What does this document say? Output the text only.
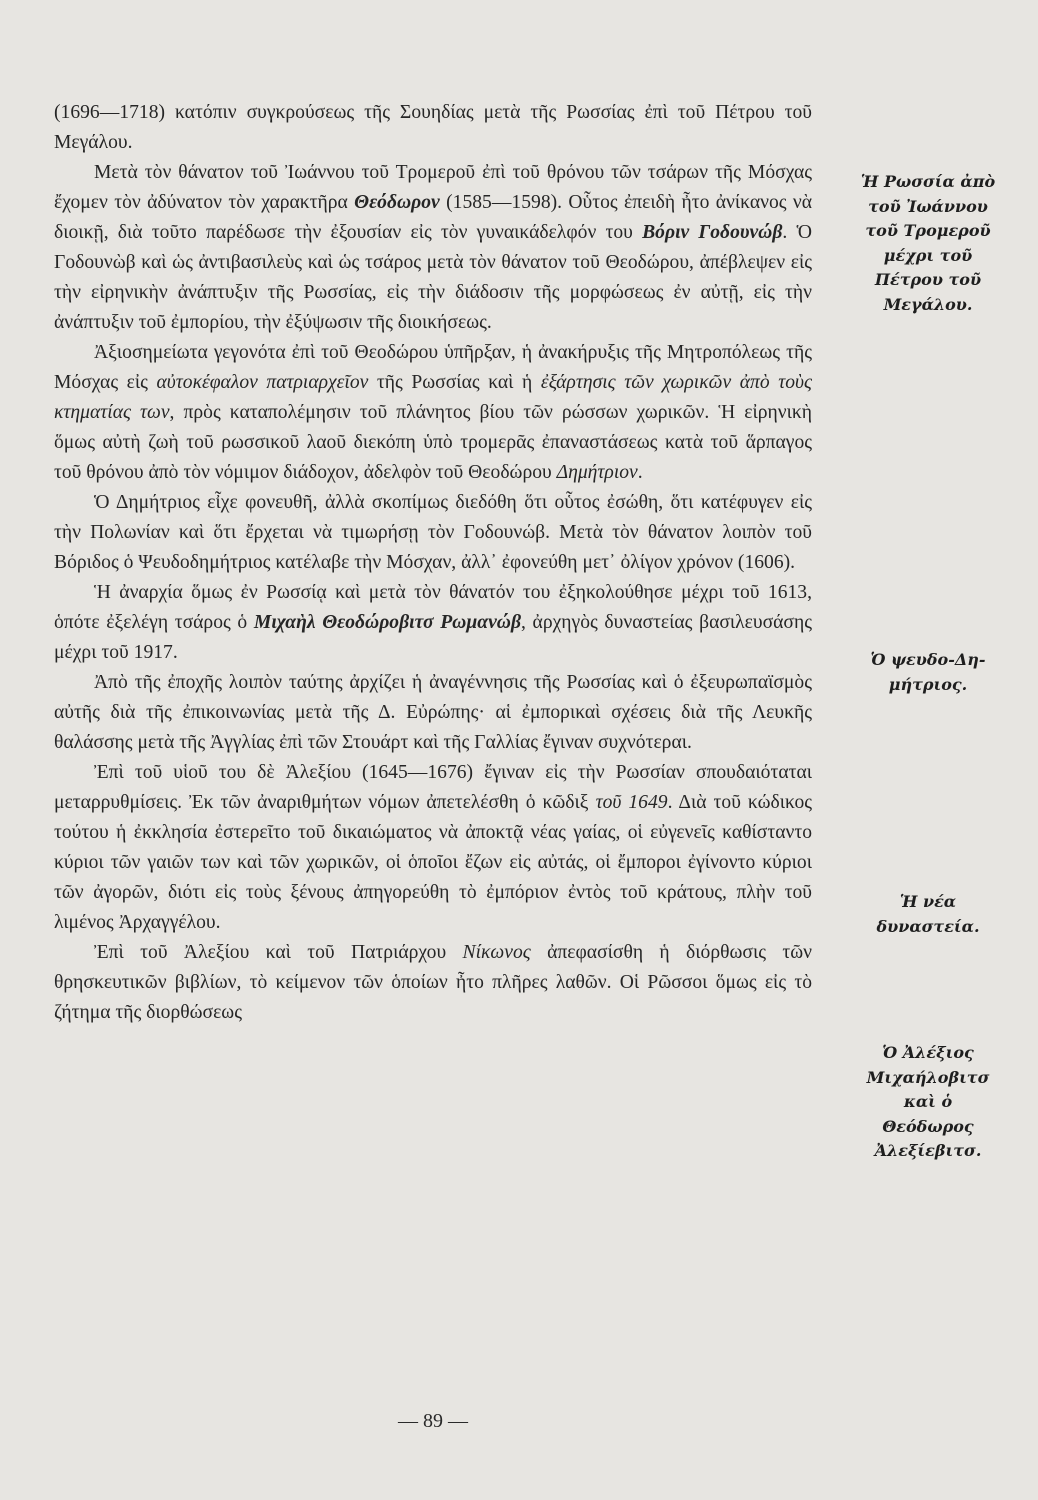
(1696—1718) κατόπιν συγκρούσεως τῆς Σουηδίας μετὰ τῆς Ρωσσίας ἐπὶ τοῦ Πέτρου τοῦ Μεγάλου.

Μετὰ τὸν θάνατον τοῦ Ἰωάννου τοῦ Τρομεροῦ ἐπὶ τοῦ θρόνου τῶν τσάρων τῆς Μόσχας ἔχομεν τὸν ἀδύνατον τὸν χαρακτῆρα Θεόδωρον (1585—1598). Οὗτος ἐπειδὴ ἦτο ἀνίκανος νὰ διοικῇ, διὰ τοῦτο παρέδωσε τὴν ἐξουσίαν εἰς τὸν γυναικάδελφόν του Βόριν Γοδουνώβ. Ὁ Γοδουνὼβ καὶ ὡς ἀντιβασιλεὺς καὶ ὡς τσάρος μετὰ τὸν θάνατον τοῦ Θεοδώρου, ἀπέβλεψεν εἰς τὴν εἰρηνικὴν ἀνάπτυξιν τῆς Ρωσσίας, εἰς τὴν διάδοσιν τῆς μορφώσεως ἐν αὐτῇ, εἰς τὴν ἀνάπτυξιν τοῦ ἐμπορίου, τὴν ἐξύψωσιν τῆς διοικήσεως.

Ἀξιοσημείωτα γεγονότα ἐπὶ τοῦ Θεοδώρου ὑπῆρξαν, ἡ ἀνακήρυξις τῆς Μητροπόλεως τῆς Μόσχας εἰς αὐτοκέφαλον πατριαρχεῖον τῆς Ρωσσίας καὶ ἡ ἐξάρτησις τῶν χωρικῶν ἀπὸ τοὺς κτηματίας των, πρὸς καταπολέμησιν τοῦ πλάνητος βίου τῶν ρώσσων χωρικῶν. Ἡ εἰρηνικὴ ὅμως αὐτὴ ζωὴ τοῦ ρωσσικοῦ λαοῦ διεκόπη ὑπὸ τρομερᾶς ἐπαναστάσεως κατὰ τοῦ ἅρπαγος τοῦ θρόνου ἀπὸ τὸν νόμιμον διάδοχον, ἀδελφὸν τοῦ Θεοδώρου Δημήτριον.

Ὁ Δημήτριος εἶχε φονευθῆ, ἀλλὰ σκοπίμως διεδόθη ὅτι οὗτος ἐσώθη, ὅτι κατέφυγεν εἰς τὴν Πολωνίαν καὶ ὅτι ἔρχεται νὰ τιμωρήσῃ τὸν Γοδουνώβ. Μετὰ τὸν θάνατον λοιπὸν τοῦ Βόριδος ὁ Ψευδοδημήτριος κατέλαβε τὴν Μόσχαν, ἀλλ᾽ ἐφονεύθη μετ᾽ ὀλίγον χρόνον (1606).

Ἡ ἀναρχία ὅμως ἐν Ρωσσίᾳ καὶ μετὰ τὸν θάνατόν του ἐξηκολούθησε μέχρι τοῦ 1613, ὁπότε ἐξελέγη τσάρος ὁ Μιχαὴλ Θεοδώροβιτσ Ρωμανώβ, ἀρχηγὸς δυναστείας βασιλευσάσης μέχρι τοῦ 1917.

Ἀπὸ τῆς ἐποχῆς λοιπὸν ταύτης ἀρχίζει ἡ ἀναγέννησις τῆς Ρωσσίας καὶ ὁ ἐξευρωπαϊσμὸς αὐτῆς διὰ τῆς ἐπικοινωνίας μετὰ τῆς Δ. Εὐρώπης· αἱ ἐμπορικαὶ σχέσεις διὰ τῆς Λευκῆς θαλάσσης μετὰ τῆς Ἀγγλίας ἐπὶ τῶν Στουάρτ καὶ τῆς Γαλλίας ἔγιναν συχνότεραι.

Ἐπὶ τοῦ υἱοῦ του δὲ Ἀλεξίου (1645—1676) ἔγιναν εἰς τὴν Ρωσσίαν σπουδαιόταται μεταρρυθμίσεις. Ἐκ τῶν ἀναριθμήτων νόμων ἀπετελέσθη ὁ κῶδιξ τοῦ 1649. Διὰ τοῦ κώδικος τούτου ἡ ἐκκλησία ἐστερεῖτο τοῦ δικαιώματος νὰ ἀποκτᾷ νέας γαίας, οἱ εὐγενεῖς καθίσταντο κύριοι τῶν γαιῶν των καὶ τῶν χωρικῶν, οἱ ὁποῖοι ἔζων εἰς αὐτάς, οἱ ἔμποροι ἐγίνοντο κύριοι τῶν ἀγορῶν, διότι εἰς τοὺς ξένους ἀπηγορεύθη τὸ ἐμπόριον ἐντὸς τοῦ κράτους, πλὴν τοῦ λιμένος Ἀρχαγγέλου.

Ἐπὶ τοῦ Ἀλεξίου καὶ τοῦ Πατριάρχου Νίκωνος ἀπεφασίσθη ἡ διόρθωσις τῶν θρησκευτικῶν βιβλίων, τὸ κείμενον τῶν ὁποίων ἦτο πλῆρες λαθῶν. Οἱ Ρῶσσοι ὅμως εἰς τὸ ζήτημα τῆς διορθώσεως

Ἡ Ρωσσία ἀπὸ
τοῦ Ἰωάννου
τοῦ Τρομεροῦ
μέχρι τοῦ
Πέτρου τοῦ
Μεγάλου.
Ὁ ψευδο-Δη-
μήτριος.
Ἡ νέα
δυναστεία.
Ὁ Ἀλέξιος
Μιχαήλοβιτσ
καὶ ὁ
Θεόδωρος
Ἀλεξίεβιτσ.
— 89 —
